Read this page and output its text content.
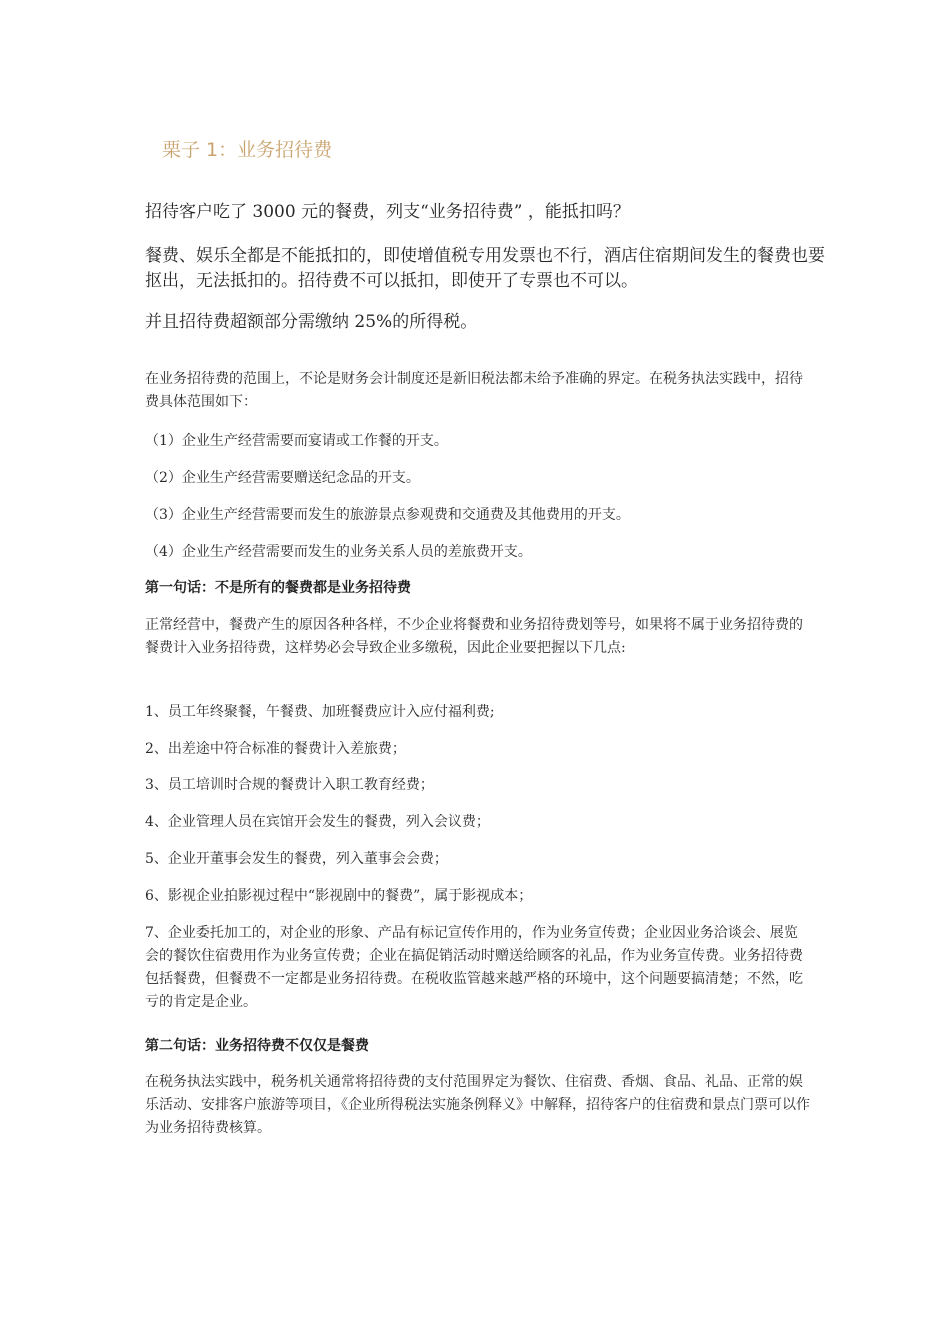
栗子 1：业务招待费

招待客户吃了 3000 元的餐费，列支“业务招待费” ，能抵扣吗？

餐费、娱乐全都是不能抵扣的，即使增值税专用发票也不行，酒店住宿期间发生的餐费也要抠出，无法抵扣的。招待费不可以抵扣，即使开了专票也不可以。

并且招待费超额部分需缴纳 25%的所得税。

在业务招待费的范围上，不论是财务会计制度还是新旧税法都未给予准确的界定。在税务执法实践中，招待费具体范围如下：

（1）企业生产经营需要而宴请或工作餐的开支。

（2）企业生产经营需要赠送纪念品的开支。

（3）企业生产经营需要而发生的旅游景点参观费和交通费及其他费用的开支。

（4）企业生产经营需要而发生的业务关系人员的差旅费开支。

第一句话：不是所有的餐费都是业务招待费

正常经营中，餐费产生的原因各种各样，不少企业将餐费和业务招待费划等号，如果将不属于业务招待费的餐费计入业务招待费，这样势必会导致企业多缴税，因此企业要把握以下几点:

1、员工年终聚餐，午餐费、加班餐费应计入应付福利费;

2、出差途中符合标准的餐费计入差旅费；

3、员工培训时合规的餐费计入职工教育经费；

4、企业管理人员在宾馆开会发生的餐费，列入会议费；

5、企业开董事会发生的餐费，列入董事会会费；

6、影视企业拍影视过程中“影视剧中的餐费”，属于影视成本；

7、企业委托加工的，对企业的形象、产品有标记宣传作用的，作为业务宣传费；企业因业务洽谈会、展览会的餐饮住宿费用作为业务宣传费；企业在搞促销活动时赠送给顾客的礼品，作为业务宣传费。业务招待费包括餐费，但餐费不一定都是业务招待费。在税收监管越来越严格的环境中，这个问题要搞清楚；不然，吃亏的肯定是企业。

第二句话：业务招待费不仅仅是餐费

在税务执法实践中，税务机关通常将招待费的支付范围界定为餐饮、住宿费、香烟、食品、礼品、正常的娱乐活动、安排客户旅游等项目，《企业所得税法实施条例释义》中解释，招待客户的住宿费和景点门票可以作为业务招待费核算。
